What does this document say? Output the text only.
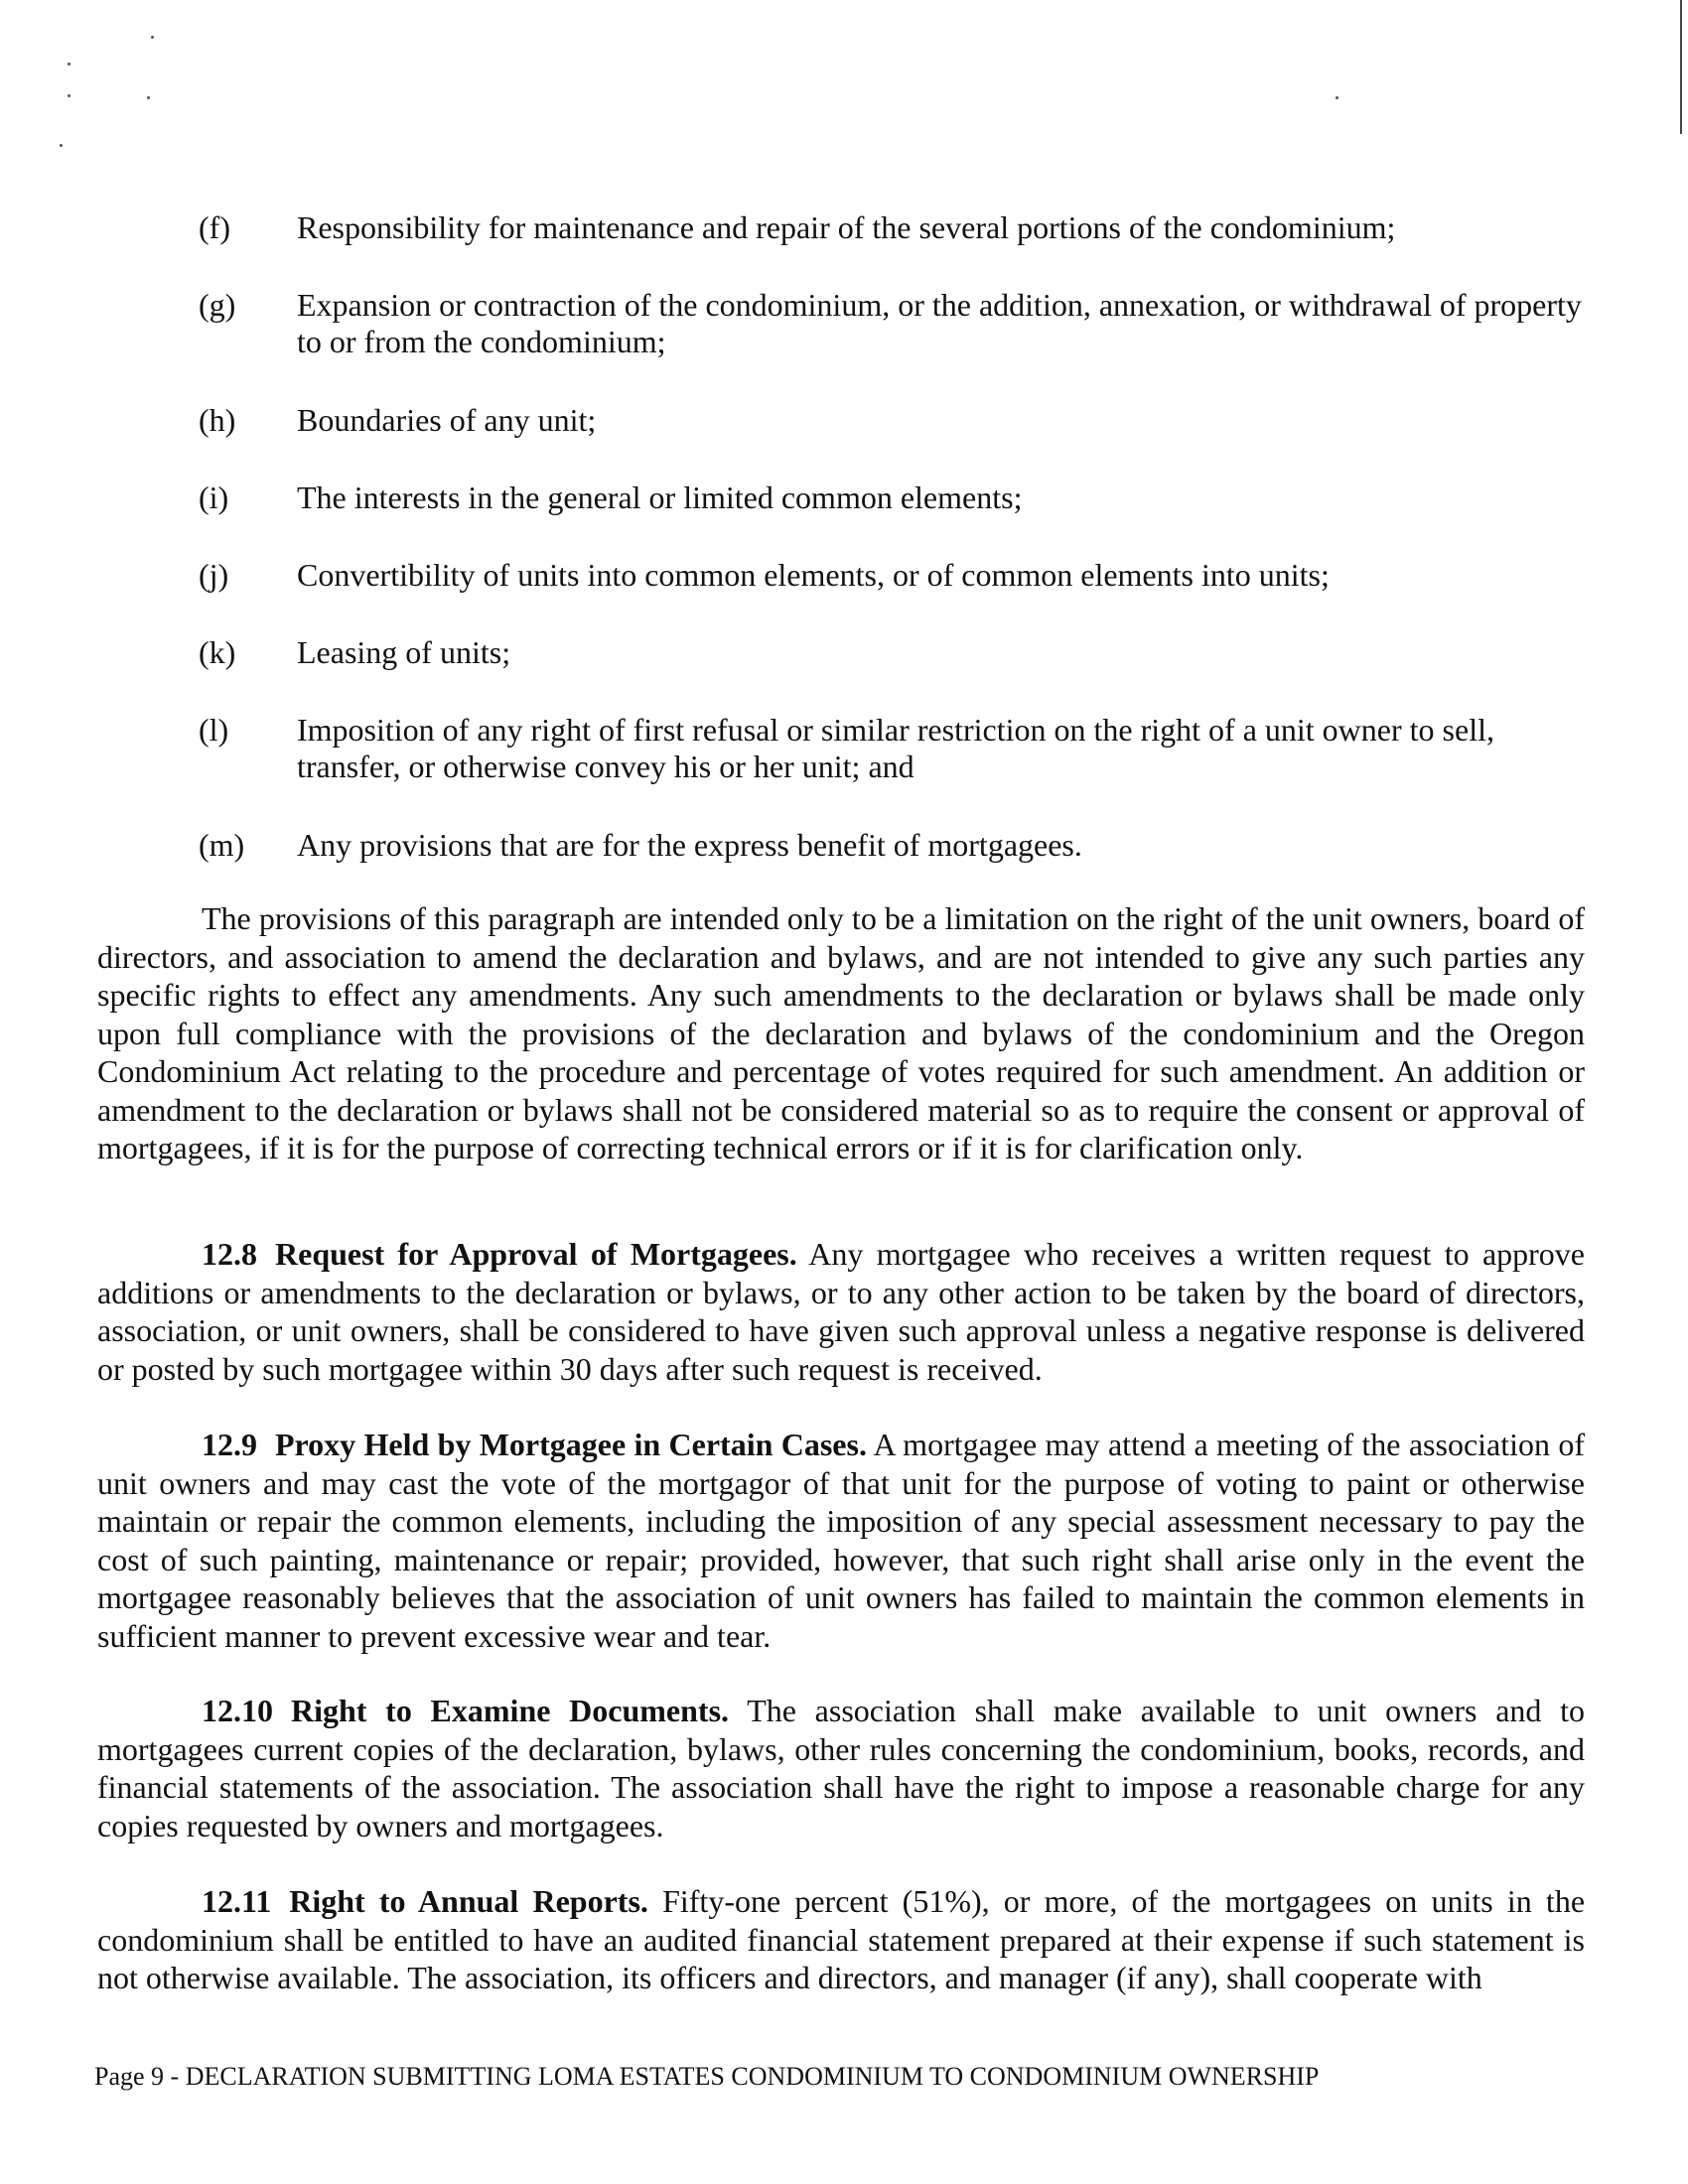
(f)	Responsibility for maintenance and repair of the several portions of the condominium;
(g)	Expansion or contraction of the condominium, or the addition, annexation, or withdrawal of property to or from the condominium;
(h)	Boundaries of any unit;
(i)	The interests in the general or limited common elements;
(j)	Convertibility of units into common elements, or of common elements into units;
(k)	Leasing of units;
(l)	Imposition of any right of first refusal or similar restriction on the right of a unit owner to sell, transfer, or otherwise convey his or her unit; and
(m)	Any provisions that are for the express benefit of mortgagees.

The provisions of this paragraph are intended only to be a limitation on the right of the unit owners, board of directors, and association to amend the declaration and bylaws, and are not intended to give any such parties any specific rights to effect any amendments. Any such amendments to the declaration or bylaws shall be made only upon full compliance with the provisions of the declaration and bylaws of the condominium and the Oregon Condominium Act relating to the procedure and percentage of votes required for such amendment. An addition or amendment to the declaration or bylaws shall not be considered material so as to require the consent or approval of mortgagees, if it is for the purpose of correcting technical errors or if it is for clarification only.

12.8 Request for Approval of Mortgagees. Any mortgagee who receives a written request to approve additions or amendments to the declaration or bylaws, or to any other action to be taken by the board of directors, association, or unit owners, shall be considered to have given such approval unless a negative response is delivered or posted by such mortgagee within 30 days after such request is received.

12.9 Proxy Held by Mortgagee in Certain Cases. A mortgagee may attend a meeting of the association of unit owners and may cast the vote of the mortgagor of that unit for the purpose of voting to paint or otherwise maintain or repair the common elements, including the imposition of any special assessment necessary to pay the cost of such painting, maintenance or repair; provided, however, that such right shall arise only in the event the mortgagee reasonably believes that the association of unit owners has failed to maintain the common elements in sufficient manner to prevent excessive wear and tear.

12.10 Right to Examine Documents. The association shall make available to unit owners and to mortgagees current copies of the declaration, bylaws, other rules concerning the condominium, books, records, and financial statements of the association. The association shall have the right to impose a reasonable charge for any copies requested by owners and mortgagees.

12.11 Right to Annual Reports. Fifty-one percent (51%), or more, of the mortgagees on units in the condominium shall be entitled to have an audited financial statement prepared at their expense if such statement is not otherwise available. The association, its officers and directors, and manager (if any), shall cooperate with

Page 9 - DECLARATION SUBMITTING LOMA ESTATES CONDOMINIUM TO CONDOMINIUM OWNERSHIP
